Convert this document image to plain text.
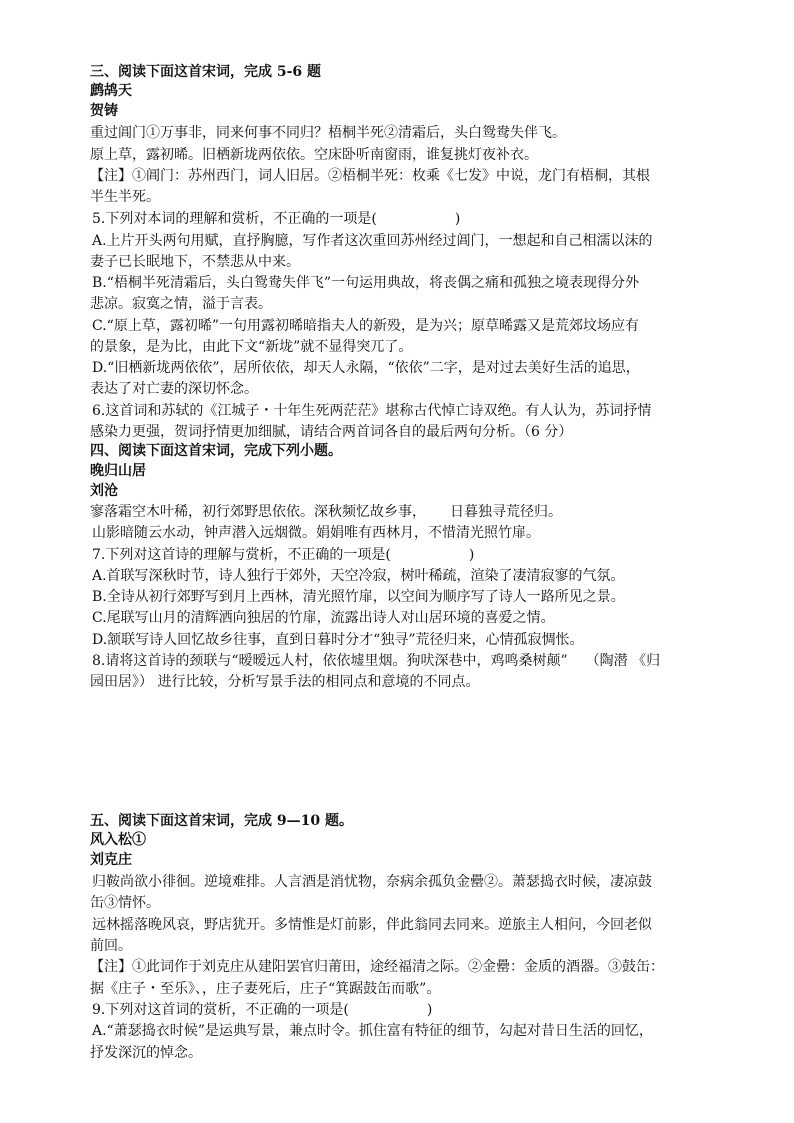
三、阅读下面这首宋词，完成 5-6 题
鹧鸪天
贺铸
重过阊门①万事非，同来何事不同归？梧桐半死②清霜后，头白鸳鸯失伴飞。
原上草，露初晞。旧栖新垅两依依。空床卧听南窗雨，谁复挑灯夜补衣。
【注】①阊门：苏州西门，词人旧居。②梧桐半死：枚乘《七发》中说，龙门有梧桐，其根
半生半死。
5.下列对本词的理解和赏析，不正确的一项是(	)
A.上片开头两句用赋，直抒胸臆，写作者这次重回苏州经过阊门，一想起和自己相濡以沫的
妻子已长眠地下，不禁悲从中来。
B.“梧桐半死清霜后，头白鸳鸯失伴飞”一句运用典故，将丧偶之痛和孤独之境表现得分外
悲凉。寂寞之情，溢于言表。
C.“原上草，露初晞”一句用露初晞暗指夫人的新殁，是为兴；原草晞露又是荒郊坟场应有
的景象，是为比，由此下文“新垅”就不显得突兀了。
D.“旧栖新垅两依依”，居所依依，却天人永隔，“依依”二字，是对过去美好生活的追思，
表达了对亡妻的深切怀念。
6.这首词和苏轼的《江城子・十年生死两茫茫》堪称古代悼亡诗双绝。有人认为，苏词抒情
感染力更强，贺词抒情更加细腻，请结合两首词各自的最后两句分析。（6 分）
四、阅读下面这首宋词，完成下列小题。
晚归山居
刘沧
寥落霜空木叶稀，初行郊野思依依。深秋频忆故乡事， 日暮独寻荒径归。
山影暗随云水动，钟声潜入远烟微。娟娟唯有西林月，不惜清光照竹扉。
7.下列对这首诗的理解与赏析，不正确的一项是(	)
A.首联写深秋时节，诗人独行于郊外，天空冷寂，树叶稀疏，渲染了凄清寂寥的气氛。
B.全诗从初行郊野写到月上西林，清光照竹扉，以空间为顺序写了诗人一路所见之景。
C.尾联写山月的清辉洒向独居的竹扉，流露出诗人对山居环境的喜爱之情。
D.颔联写诗人回忆故乡往事，直到日暮时分才“独寻”荒径归来，心情孤寂惆怅。
8.请将这首诗的颈联与“暧暧远人村，依依墟里烟。狗吠深巷中，鸡鸣桑树颠” （陶潜 《归
园田居》） 进行比较，分析写景手法的相同点和意境的不同点。
五、阅读下面这首宋词，完成 9—10 题。
风入松①
刘克庄
归鞍尚欲小徘徊。逆境难排。人言酒是消忧物，奈病余孤负金罍②。萧瑟捣衣时候，凄凉鼓
缶③情怀。
远林摇落晚风哀，野店犹开。多情惟是灯前影，伴此翁同去同来。逆旅主人相问，今回老似
前回。
【注】①此词作于刘克庄从建阳罢官归莆田，途经福清之际。②金罍：金质的酒器。③鼓缶：
据《庄子・至乐》、，庄子妻死后，庄子“箕踞鼓缶而歌”。
9.下列对这首词的赏析，不正确的一项是(	)
A.“萧瑟捣衣时候”是运典写景，兼点时令。抓住富有特征的细节，勾起对昔日生活的回忆，
抒发深沉的悼念。
